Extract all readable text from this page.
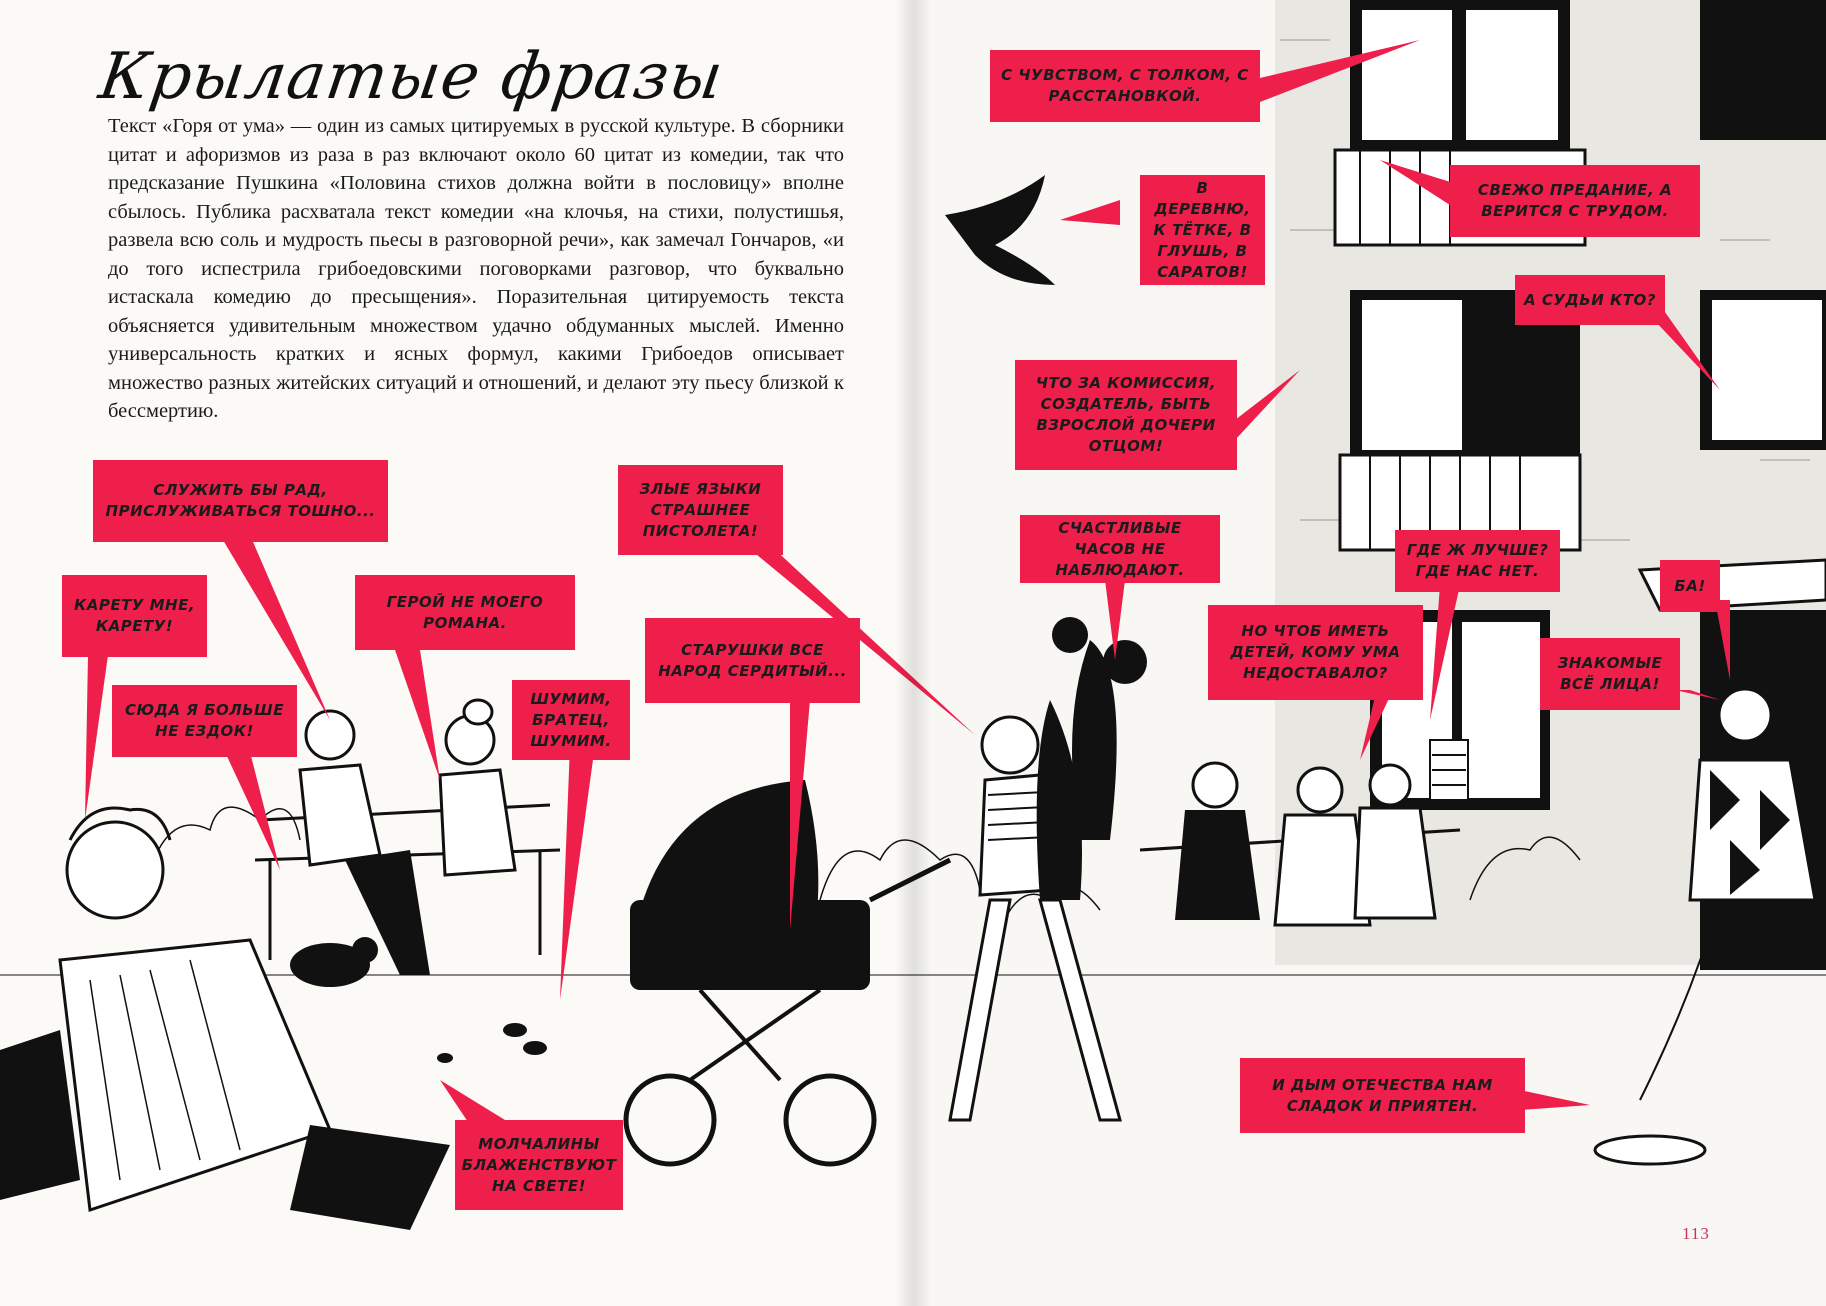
Крылатые фразы
Текст «Горя от ума» — один из самых цитируемых в русской культуре. В сборники цитат и афоризмов из раза в раз включают около 60 цитат из комедии, так что предсказание Пушкина «Половина стихов должна войти в пословицу» вполне сбылось. Публика расхватала текст комедии «на клочья, на стихи, полустишья, развела всю соль и мудрость пьесы в разговорной речи», как замечал Гончаров, «и до того испестрила грибоедовскими поговорками разговор, что буквально истаскала комедию до пресыщения». Поразительная цитируемость текста объясняется удивительным множеством удачно обдуманных мыслей. Именно универсальность кратких и ясных формул, какими Грибоедов описывает множество разных житейских ситуаций и отношений, и делают эту пьесу близкой к бессмертию.
СЛУЖИТЬ БЫ РАД, ПРИСЛУЖИВАТЬСЯ ТОШНО...
КАРЕТУ МНЕ, КАРЕТУ!
ГЕРОЙ НЕ МОЕГО РОМАНА.
СЮДА Я БОЛЬШЕ НЕ ЕЗДОК!
ШУМИМ, БРАТЕЦ, ШУМИМ.
ЗЛЫЕ ЯЗЫКИ СТРАШНЕЕ ПИСТОЛЕТА!
СТАРУШКИ ВСЕ НАРОД СЕРДИТЫЙ...
МОЛЧАЛИНЫ БЛАЖЕНСТВУЮТ НА СВЕТЕ!
С ЧУВСТВОМ, С ТОЛКОМ, С РАССТАНОВКОЙ.
В ДЕРЕВНЮ, К ТЁТКЕ, В ГЛУШЬ, В САРАТОВ!
СВЕЖО ПРЕДАНИЕ, А ВЕРИТСЯ С ТРУДОМ.
А СУДЬИ КТО?
ЧТО ЗА КОМИССИЯ, СОЗДАТЕЛЬ, БЫТЬ ВЗРОСЛОЙ ДОЧЕРИ ОТЦОМ!
СЧАСТЛИВЫЕ ЧАСОВ НЕ НАБЛЮДАЮТ.
ГДЕ Ж ЛУЧШЕ? ГДЕ НАС НЕТ.
БА!
НО ЧТОБ ИМЕТЬ ДЕТЕЙ, КОМУ УМА НЕДОСТАВАЛО?
ЗНАКОМЫЕ ВСЁ ЛИЦА!
И ДЫМ ОТЕЧЕСТВА НАМ СЛАДОК И ПРИЯТЕН.
113
